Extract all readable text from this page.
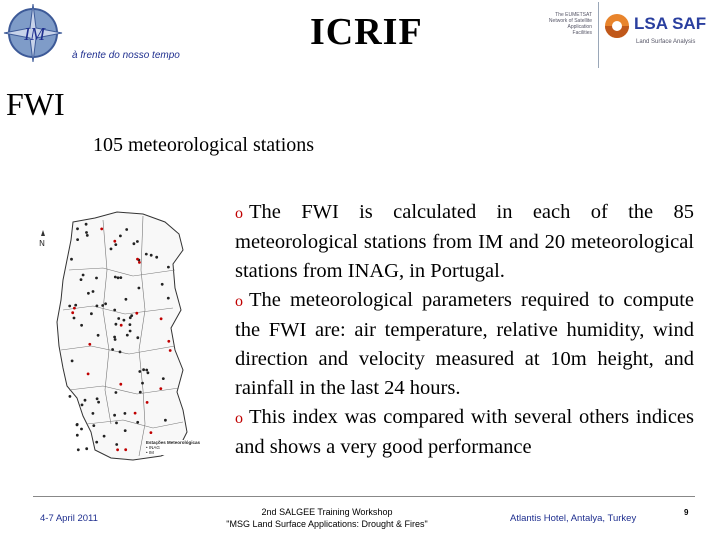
IM
à frente do nosso tempo
ICRIF	The EUMETSAT Network of Satellite Application Facilities LSA SAF
Land Surface Analysis
FWI
105 meteorological stations
N
Estações Meteorológicas
• INAG
• IM

o The FWI is calculated in each of the 85 meteorological stations from IM and 20 meteorological stations from INAG, in Portugal.

o The meteorological parameters required to compute the FWI are: air temperature, relative humidity, wind direction and velocity measured at 10m height, and rainfall in the last 24 hours.

o This index was compared with several others indices and shows a very good performance

4-7 April 2011
2nd SALGEE Training Workshop
"MSG Land Surface Applications: Drought & Fires"	Atlantis Hotel, Antalya, Turkey
9
